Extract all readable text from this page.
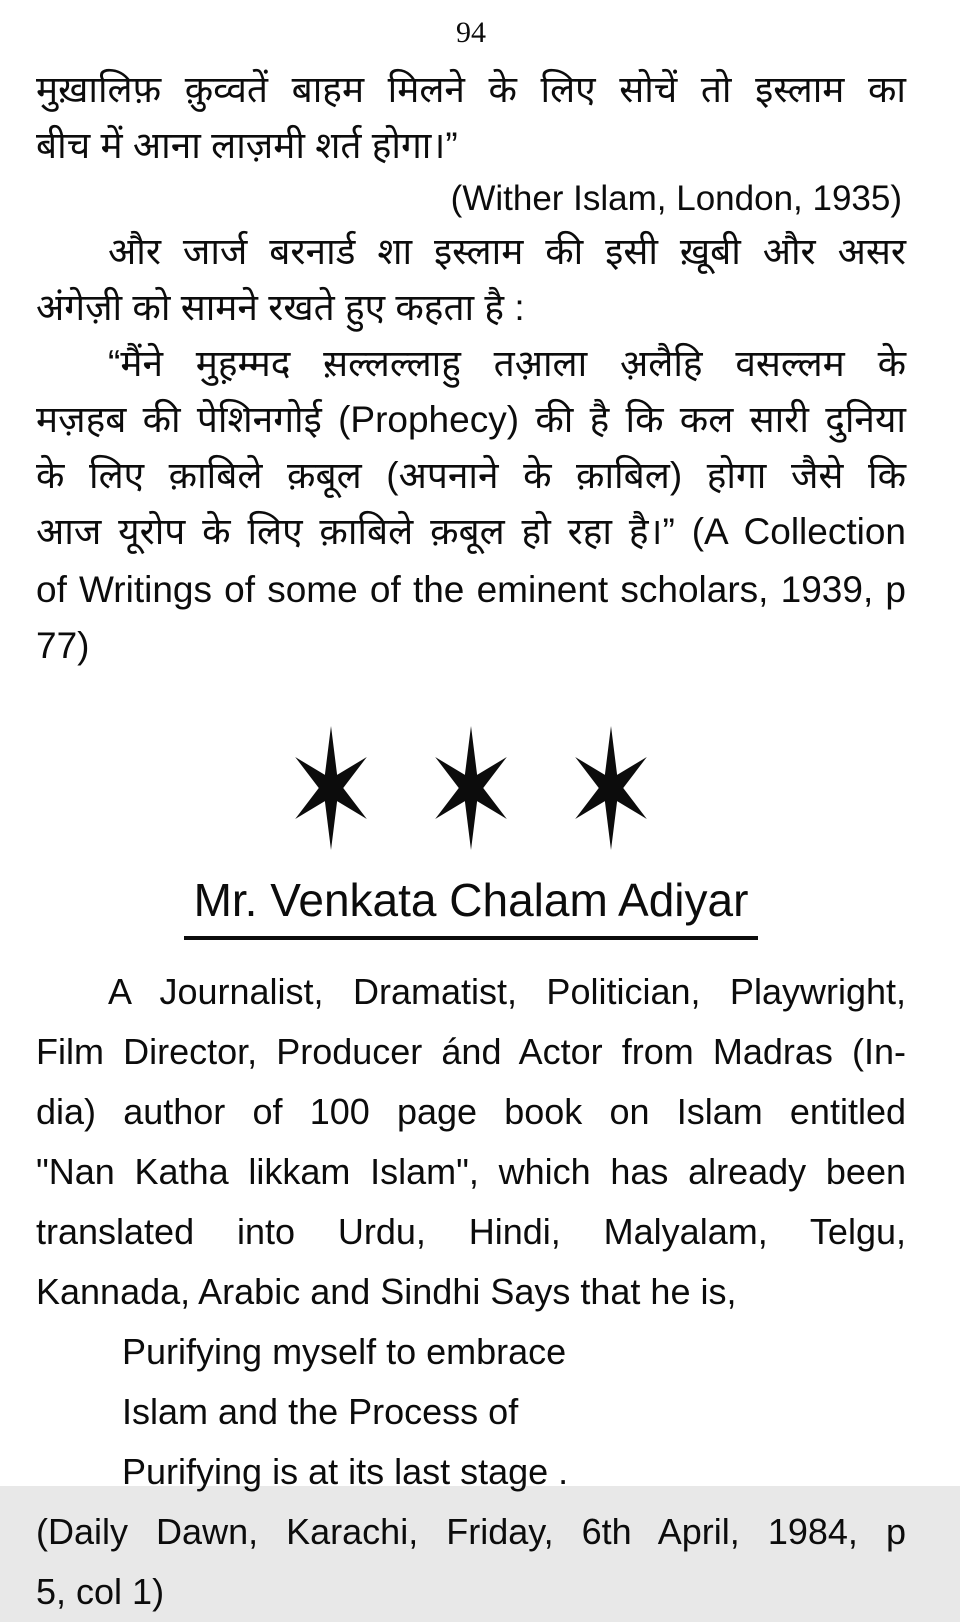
94
मुख़ालिफ़ क़ुव्वतें बाहम मिलने के लिए सोचें तो इस्लाम का
बीच में आना लाज़मी शर्त होगा।”
(Wither Islam, London, 1935)
और जार्ज बरनार्ड शा इस्लाम की इसी ख़ूबी और असर
अंगेज़ी को सामने रखते हुए कहता है :
“मैंने मुह़म्मद स़ल्लल्लाहु तआ़ला अ़लैहि वसल्लम के
मज़हब की पेशिनगोई (Prophecy) की है कि कल सारी दुनिया
के लिए क़ाबिले क़बूल (अपनाने के क़ाबिल) होगा जैसे कि
आज यूरोप के लिए क़ाबिले क़बूल हो रहा है।” (A Collection
of Writings of some of the eminent scholars, 1939, p 77)

Mr. Venkata Chalam Adiyar
A Journalist, Dramatist, Politician, Playwright,
Film Director, Producer ánd Actor from Madras (In-
dia) author of 100 page book on Islam entitled
"Nan Katha likkam Islam", which has already been
translated into Urdu, Hindi, Malyalam, Telgu,
Kannada, Arabic and Sindhi Says that he is,
Purifying myself to embrace
Islam and the Process of
Purifying is at its last stage .
(Daily Dawn, Karachi, Friday, 6th April, 1984, p
5, col 1)
